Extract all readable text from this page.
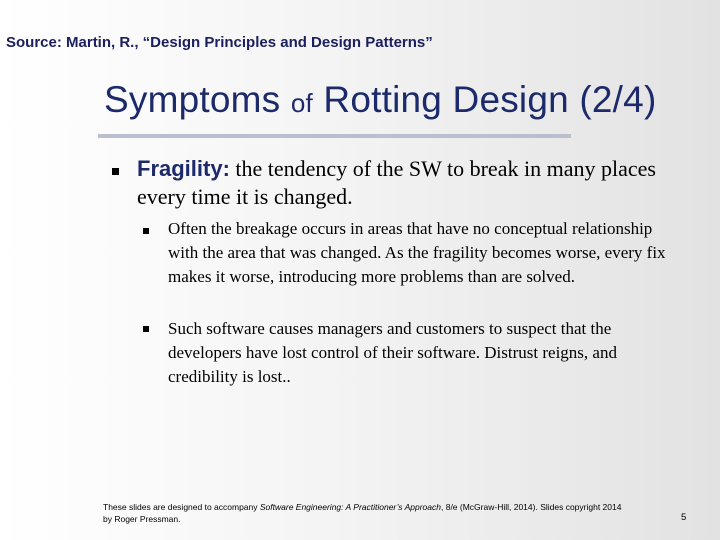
Source: Martin, R., “Design Principles and Design Patterns”
Symptoms of Rotting Design (2/4)
Fragility: the tendency of the SW to break in many places every time it is changed.
Often the breakage occurs in areas that have no conceptual relationship with the area that was changed. As the fragility becomes worse, every fix makes it worse, introducing more problems than are solved.
Such software causes managers and customers to suspect that the developers have lost control of their software. Distrust reigns, and credibility is lost..
These slides are designed to accompany Software Engineering: A Practitioner’s Approach, 8/e (McGraw-Hill, 2014). Slides copyright 2014 by Roger Pressman.	5
